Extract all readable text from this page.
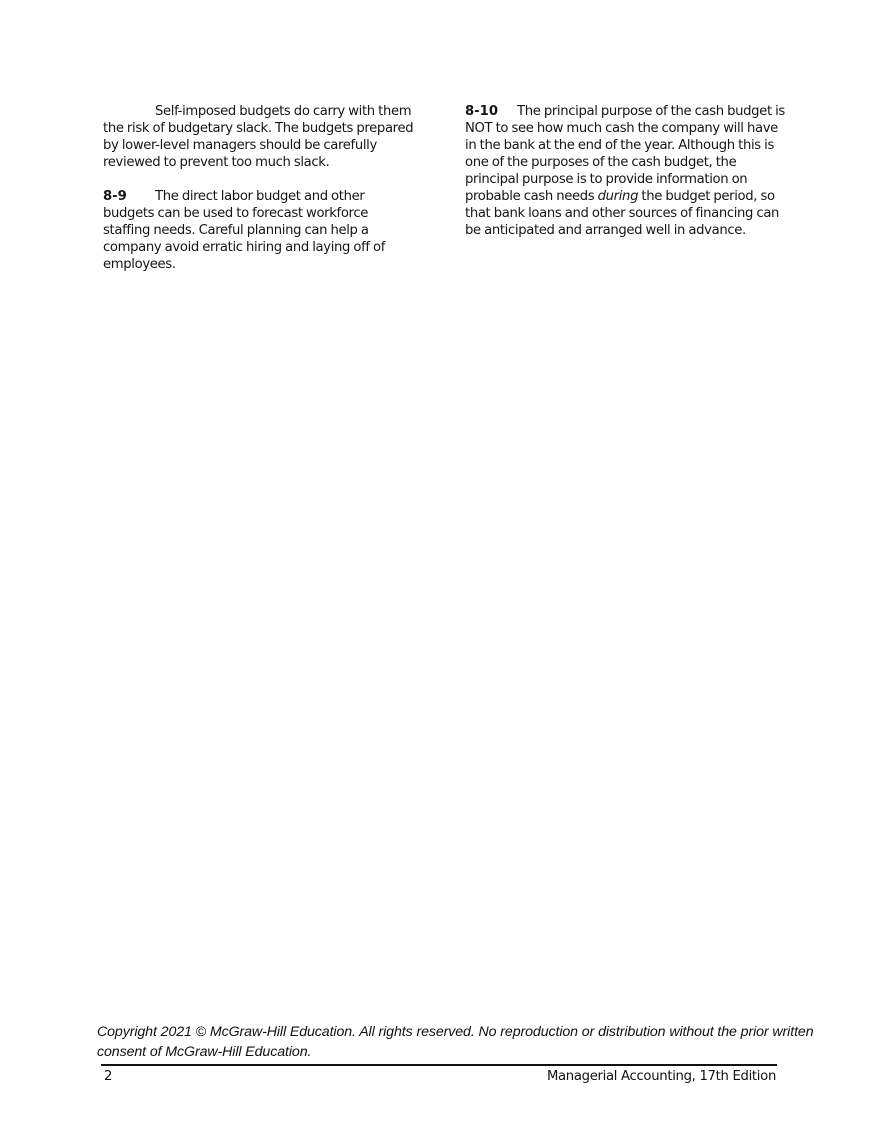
Self-imposed budgets do carry with them the risk of budgetary slack. The budgets prepared by lower-level managers should be carefully reviewed to prevent too much slack.

8-9 The direct labor budget and other budgets can be used to forecast workforce staffing needs. Careful planning can help a company avoid erratic hiring and laying off of employees.

8-10 The principal purpose of the cash budget is NOT to see how much cash the company will have in the bank at the end of the year. Although this is one of the purposes of the cash budget, the principal purpose is to provide information on probable cash needs during the budget period, so that bank loans and other sources of financing can be anticipated and arranged well in advance.

Copyright 2021 © McGraw-Hill Education. All rights reserved. No reproduction or distribution without the prior written consent of McGraw-Hill Education.
2	Managerial Accounting, 17th Edition
